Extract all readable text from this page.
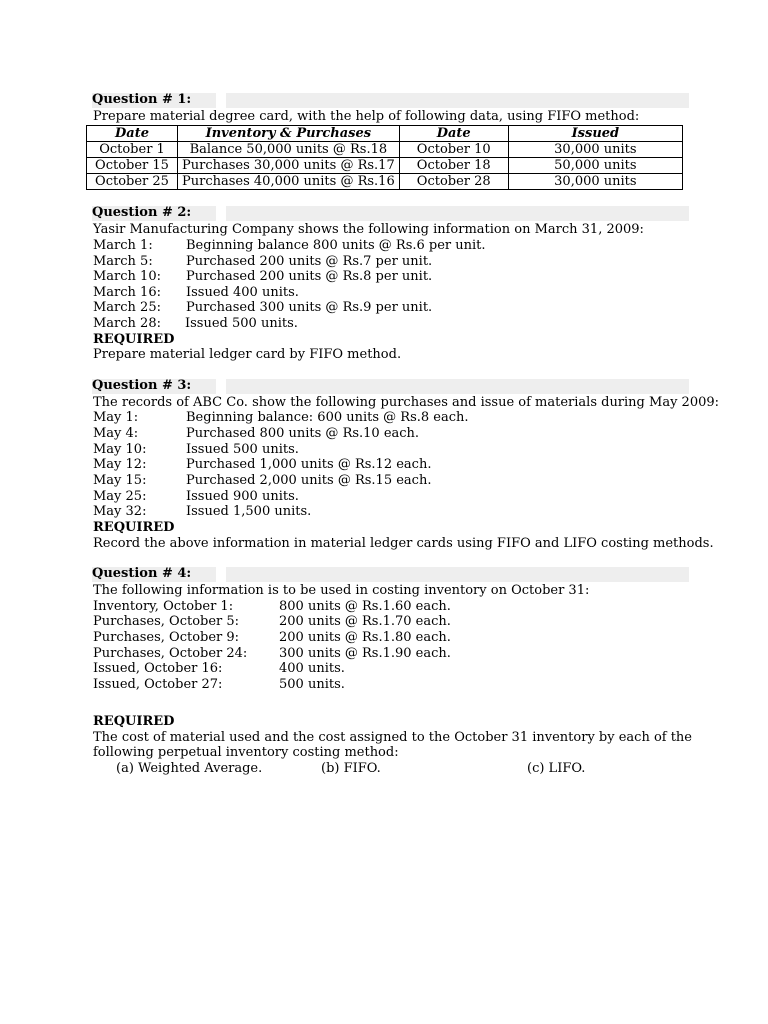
Question # 1:
Prepare material degree card, with the help of following data, using FIFO method:
Date	Inventory & Purchases	Date	Issued
October 1	Balance 50,000 units @ Rs.18	October 10	30,000 units
October 15	Purchases 30,000 units @ Rs.17	October 18	50,000 units
October 25	Purchases 40,000 units @ Rs.16	October 28	30,000 units
Question # 2:
Yasir Manufacturing Company shows the following information on March 31, 2009:
March 1:	Beginning balance 800 units @ Rs.6 per unit.
March 5:	Purchased 200 units @ Rs.7 per unit.
March 10: Purchased 200 units @ Rs.8 per unit.
March 16: Issued 400 units.
March 25: Purchased 300 units @ Rs.9 per unit.
March 28: Issued 500 units.
REQUIRED
Prepare material ledger card by FIFO method.
Question # 3:
The records of ABC Co. show the following purchases and issue of materials during May 2009:
May 1:	Beginning balance: 600 units @ Rs.8 each.
May 4:	Purchased 800 units @ Rs.10 each.
May 10:	Issued 500 units.
May 12:	Purchased 1,000 units @ Rs.12 each.
May 15:	Purchased 2,000 units @ Rs.15 each.
May 25:	Issued 900 units.
May 32:	Issued 1,500 units.
REQUIRED
Record the above information in material ledger cards using FIFO and LIFO costing methods.
Question # 4:
The following information is to be used in costing inventory on October 31:
Inventory, October 1:	800 units @ Rs.1.60 each.
Purchases, October 5:	200 units @ Rs.1.70 each.
Purchases, October 9:	200 units @ Rs.1.80 each.
Purchases, October 24: 300 units @ Rs.1.90 each.
Issued, October 16:	400 units.
Issued, October 27:	500 units.
REQUIRED
The cost of material used and the cost assigned to the October 31 inventory by each of the
following perpetual inventory costing method:
(a) Weighted Average.	(b) FIFO.	(c) LIFO.
